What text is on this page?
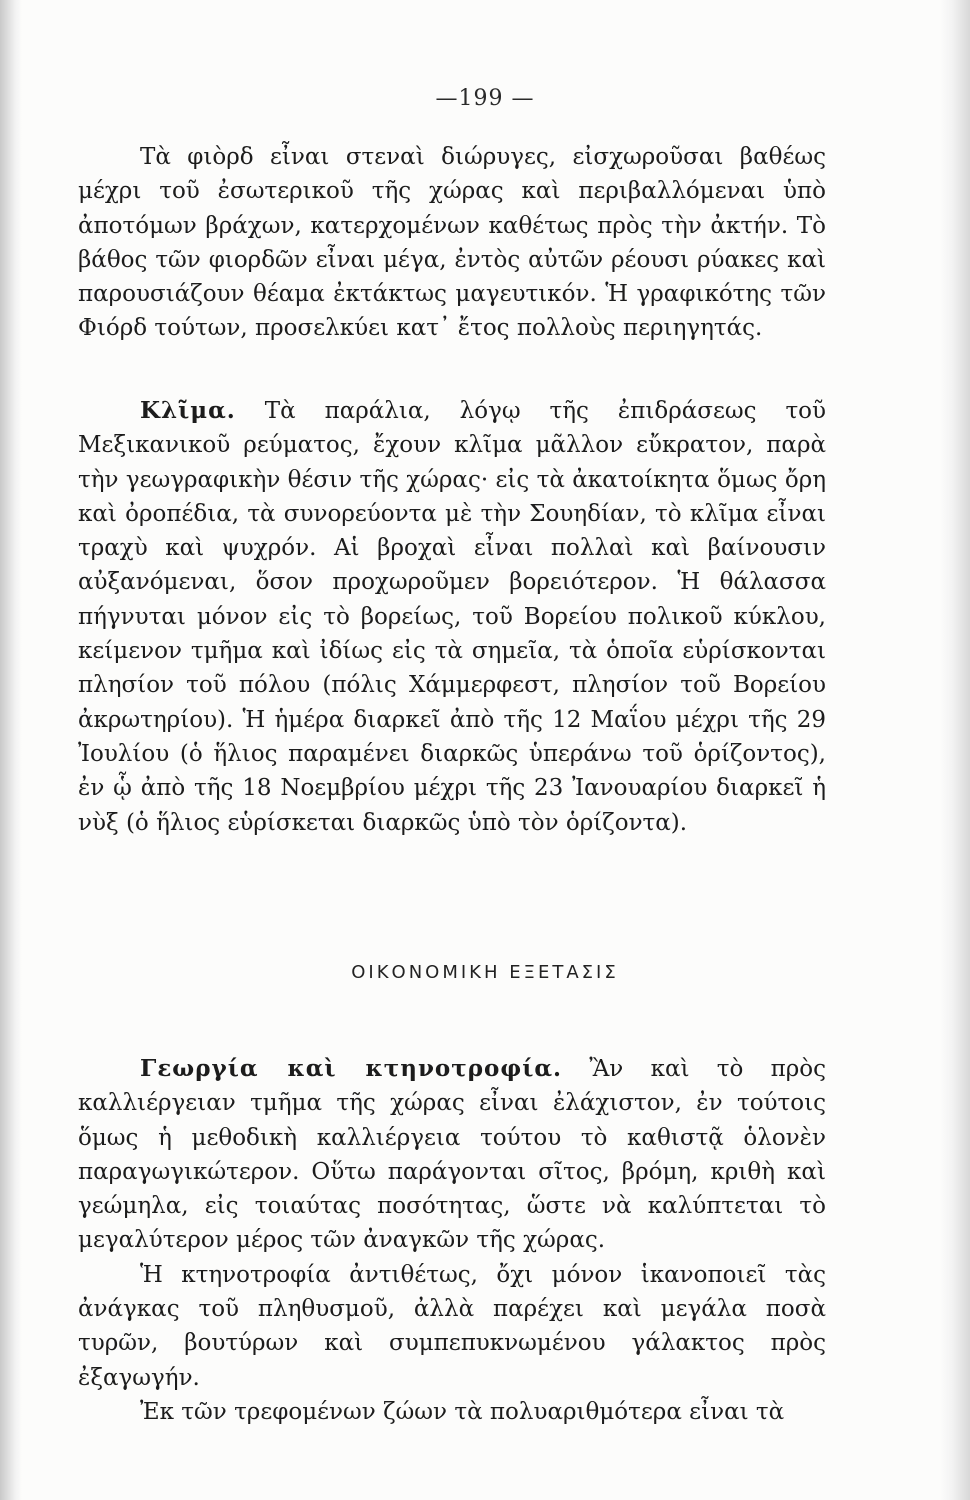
—199 —

Τὰ φιὸρδ εἶναι στεναὶ διώρυγες, εἰσχωροῦσαι βαθέως μέχρι τοῦ ἐσωτερικοῦ τῆς χώρας καὶ περιβαλλόμεναι ὑπὸ ἀποτόμων βράχων, κατερχομένων καθέτως πρὸς τὴν ἀκτήν. Τὸ βάθος τῶν φιορδῶν εἶναι μέγα, ἐντὸς αὐτῶν ρέουσι ρύακες καὶ παρουσιάζουν θέαμα ἐκτάκτως μαγευτικόν. Ἡ γραφικότης τῶν Φιόρδ τούτων, προσελκύει κατ᾽ ἔτος πολλοὺς περιηγητάς.

Κλῖμα. Τὰ παράλια, λόγῳ τῆς ἐπιδράσεως τοῦ Μεξικανικοῦ ρεύματος, ἔχουν κλῖμα μᾶλλον εὔκρατον, παρὰ τὴν γεωγραφικὴν θέσιν τῆς χώρας· εἰς τὰ ἀκατοίκητα ὅμως ὄρη καὶ ὀροπέδια, τὰ συνορεύοντα μὲ τὴν Σουηδίαν, τὸ κλῖμα εἶναι τραχὺ καὶ ψυχρόν. Αἱ βροχαὶ εἶναι πολλαὶ καὶ βαίνουσιν αὐξανόμεναι, ὅσον προχωροῦμεν βορειότερον. Ἡ θάλασσα πήγνυται μόνον εἰς τὸ βορείως, τοῦ Βορείου πολικοῦ κύκλου, κείμενον τμῆμα καὶ ἰδίως εἰς τὰ σημεῖα, τὰ ὁποῖα εὑρίσκονται πλησίον τοῦ πόλου (πόλις Χάμμερφεστ, πλησίον τοῦ Βορείου ἀκρωτηρίου). Ἡ ἡμέρα διαρκεῖ ἀπὸ τῆς 12 Μαΐου μέχρι τῆς 29 Ἰουλίου (ὁ ἥλιος παραμένει διαρκῶς ὑπεράνω τοῦ ὁρίζοντος), ἐν ᾧ ἀπὸ τῆς 18 Νοεμβρίου μέχρι τῆς 23 Ἰανουαρίου διαρκεῖ ἡ νὺξ (ὁ ἥλιος εὑρίσκεται διαρκῶς ὑπὸ τὸν ὁρίζοντα).

ΟΙΚΟΝΟΜΙΚΗ ΕΞΕΤΑΣΙΣ

Γεωργία καὶ κτηνοτροφία. Ἂν καὶ τὸ πρὸς καλλιέργειαν τμῆμα τῆς χώρας εἶναι ἐλάχιστον, ἐν τούτοις ὅμως ἡ μεθοδικὴ καλλιέργεια τούτου τὸ καθιστᾷ ὁλονὲν παραγωγικώτερον. Οὕτω παράγονται σῖτος, βρόμη, κριθὴ καὶ γεώμηλα, εἰς τοιαύτας ποσότητας, ὥστε νὰ καλύπτεται τὸ μεγαλύτερον μέρος τῶν ἀναγκῶν τῆς χώρας.

Ἡ κτηνοτροφία ἀντιθέτως, ὄχι μόνον ἱκανοποιεῖ τὰς ἀνάγκας τοῦ πληθυσμοῦ, ἀλλὰ παρέχει καὶ μεγάλα ποσὰ τυρῶν, βουτύρων καὶ συμπεπυκνωμένου γάλακτος πρὸς ἐξαγωγήν.

Ἐκ τῶν τρεφομένων ζώων τὰ πολυαριθμότερα εἶναι τὰ
